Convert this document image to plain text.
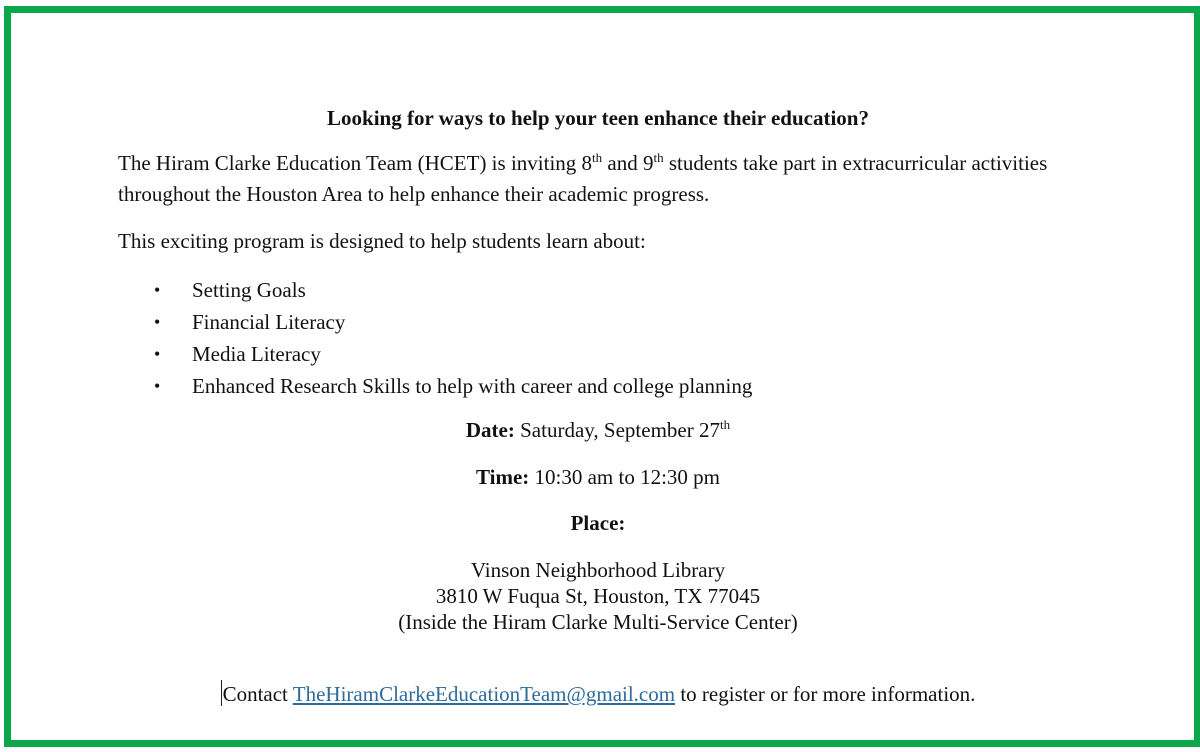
Looking for ways to help your teen enhance their education?
The Hiram Clarke Education Team (HCET) is inviting 8th and 9th students take part in extracurricular activities throughout the Houston Area to help enhance their academic progress.
This exciting program is designed to help students learn about:
• Setting Goals
• Financial Literacy
• Media Literacy
• Enhanced Research Skills to help with career and college planning
Date: Saturday, September 27th
Time: 10:30 am to 12:30 pm
Place:
Vinson Neighborhood Library
3810 W Fuqua St, Houston, TX 77045
(Inside the Hiram Clarke Multi-Service Center)
Contact TheHiramClarkeEducationTeam@gmail.com to register or for more information.
